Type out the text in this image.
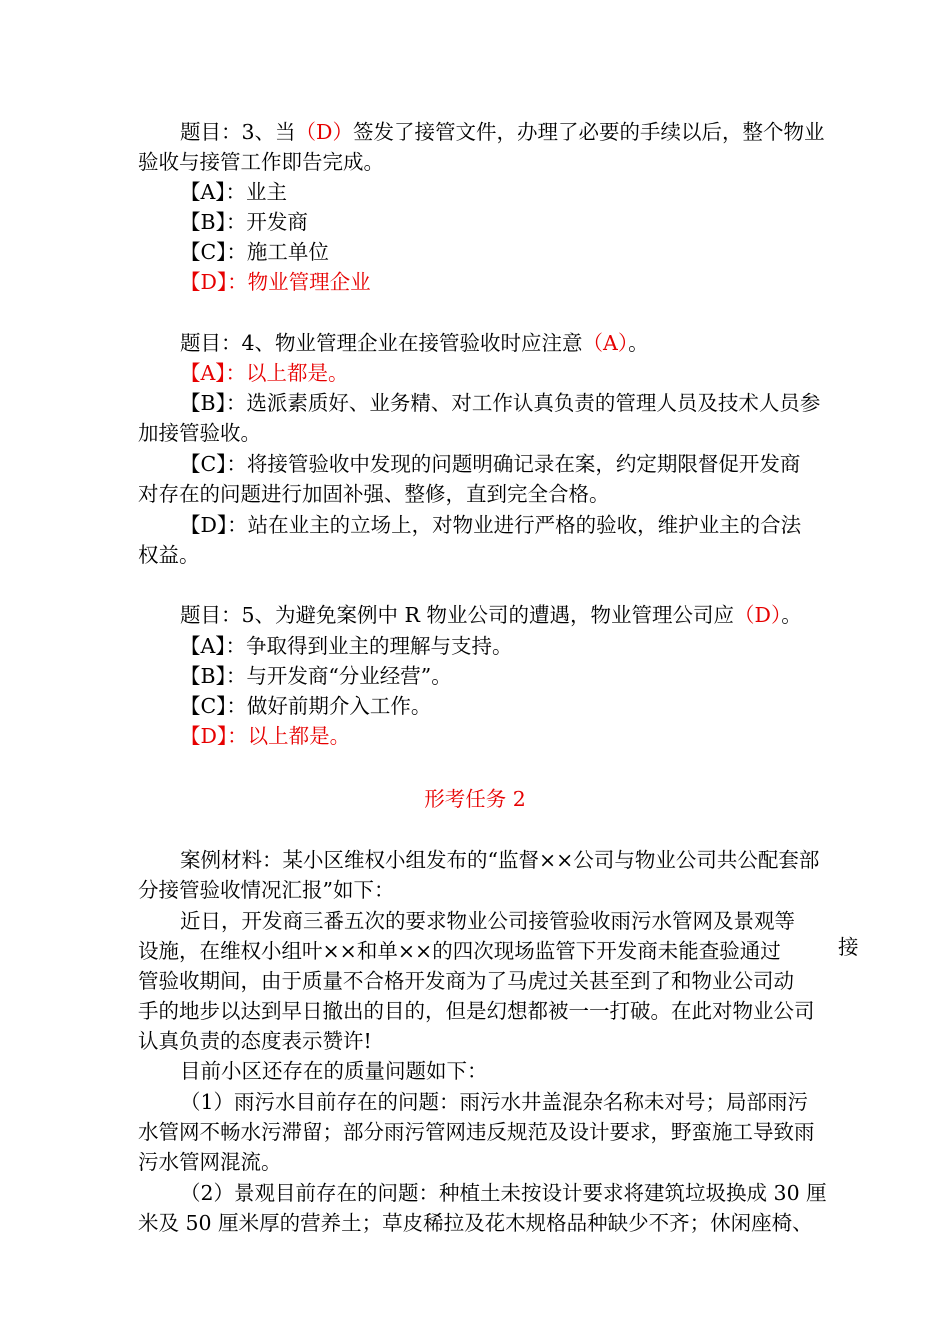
题目：3、当（D）签发了接管文件，办理了必要的手续以后，整个物业
验收与接管工作即告完成。
【A】：业主
【B】：开发商
【C】：施工单位
【D】：物业管理企业
题目：4、物业管理企业在接管验收时应注意（A）。
【A】：以上都是。
【B】：选派素质好、业务精、对工作认真负责的管理人员及技术人员参
加接管验收。
【C】：将接管验收中发现的问题明确记录在案，约定期限督促开发商
对存在的问题进行加固补强、整修，直到完全合格。
【D】：站在业主的立场上，对物业进行严格的验收，维护业主的合法
权益。
题目：5、为避免案例中 R 物业公司的遭遇，物业管理公司应（D）。
【A】：争取得到业主的理解与支持。
【B】：与开发商“分业经营”。
【C】：做好前期介入工作。
【D】：以上都是。
形考任务 2
案例材料：某小区维权小组发布的“监督××公司与物业公司共公配套部
分接管验收情况汇报”如下：
近日，开发商三番五次的要求物业公司接管验收雨污水管网及景观等
设施，在维权小组叶××和单××的四次现场监管下开发商未能查验通过	接
管验收期间，由于质量不合格开发商为了马虎过关甚至到了和物业公司动
手的地步以达到早日撤出的目的，但是幻想都被一一打破。在此对物业公司
认真负责的态度表示赞许!
目前小区还存在的质量问题如下：
（1）雨污水目前存在的问题：雨污水井盖混杂名称未对号；局部雨污
水管网不畅水污滞留；部分雨污管网违反规范及设计要求，野蛮施工导致雨
污水管网混流。
（2）景观目前存在的问题：种植土未按设计要求将建筑垃圾换成 30 厘
米及 50 厘米厚的营养土；草皮稀拉及花木规格品种缺少不齐；休闲座椅、
